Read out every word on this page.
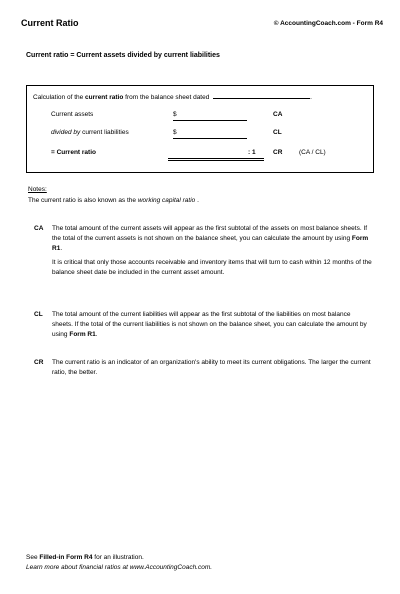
Current Ratio	© AccountingCoach.com - Form R4
Current ratio = Current assets divided by current liabilities
Calculation of the current ratio from the balance sheet dated	.
Current assets	$	CA
divided by current liabilities	$	CL
= Current ratio	: 1	CR	(CA / CL)
Notes:
The current ratio is also known as the working capital ratio .
CA The total amount of the current assets will appear as the first subtotal of the assets on most balance sheets. If the total of the current assets is not shown on the balance sheet, you can calculate the amount by using Form R1.

It is critical that only those accounts receivable and inventory items that will turn to cash within 12 months of the balance sheet date be included in the current asset amount.

CL The total amount of the current liabilities will appear as the first subtotal of the liabilities on most balance sheets. If the total of the current liabilities is not shown on the balance sheet, you can calculate the amount by using Form R1.

CR The current ratio is an indicator of an organization's ability to meet its current obligations. The larger the current ratio, the better.

See Filled-in Form R4 for an illustration.
Learn more about financial ratios at www.AccountingCoach.com.
